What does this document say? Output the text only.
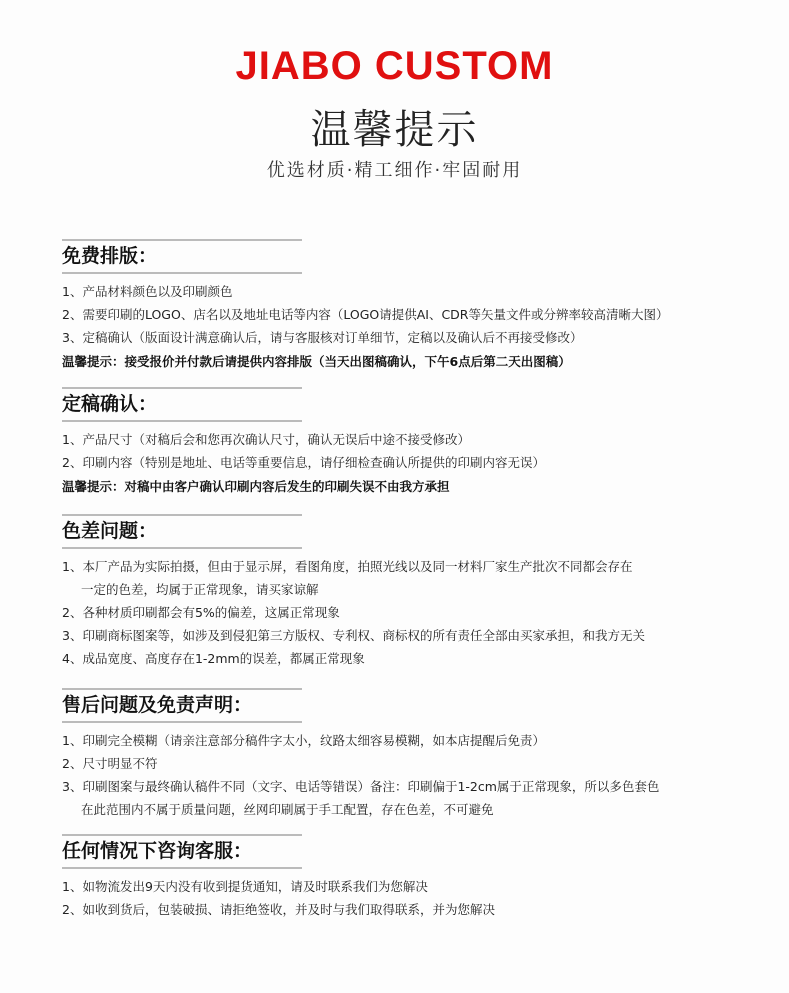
JIABO CUSTOM
温馨提示
优选材质·精工细作·牢固耐用
免费排版：
1、产品材料颜色以及印刷颜色
2、需要印刷的LOGO、店名以及地址电话等内容（LOGO请提供AI、CDR等矢量文件或分辨率较高清晰大图）
3、定稿确认（版面设计满意确认后，请与客服核对订单细节，定稿以及确认后不再接受修改）
温馨提示：接受报价并付款后请提供内容排版（当天出图稿确认，下午6点后第二天出图稿）
定稿确认：
1、产品尺寸（对稿后会和您再次确认尺寸，确认无误后中途不接受修改）
2、印刷内容（特别是地址、电话等重要信息，请仔细检查确认所提供的印刷内容无误）
温馨提示：对稿中由客户确认印刷内容后发生的印刷失误不由我方承担
色差问题：
1、本厂产品为实际拍摄，但由于显示屏，看图角度，拍照光线以及同一材料厂家生产批次不同都会存在
一定的色差，均属于正常现象，请买家谅解
2、各种材质印刷都会有5%的偏差，这属正常现象
3、印刷商标图案等，如涉及到侵犯第三方版权、专利权、商标权的所有责任全部由买家承担，和我方无关
4、成品宽度、高度存在1-2mm的误差，都属正常现象
售后问题及免责声明：
1、印刷完全模糊（请亲注意部分稿件字太小，纹路太细容易模糊，如本店提醒后免责）
2、尺寸明显不符
3、印刷图案与最终确认稿件不同（文字、电话等错误）备注：印刷偏于1-2cm属于正常现象，所以多色套色
在此范围内不属于质量问题，丝网印刷属于手工配置，存在色差，不可避免
任何情况下咨询客服：
1、如物流发出9天内没有收到提货通知，请及时联系我们为您解决
2、如收到货后，包装破损、请拒绝签收，并及时与我们取得联系，并为您解决
